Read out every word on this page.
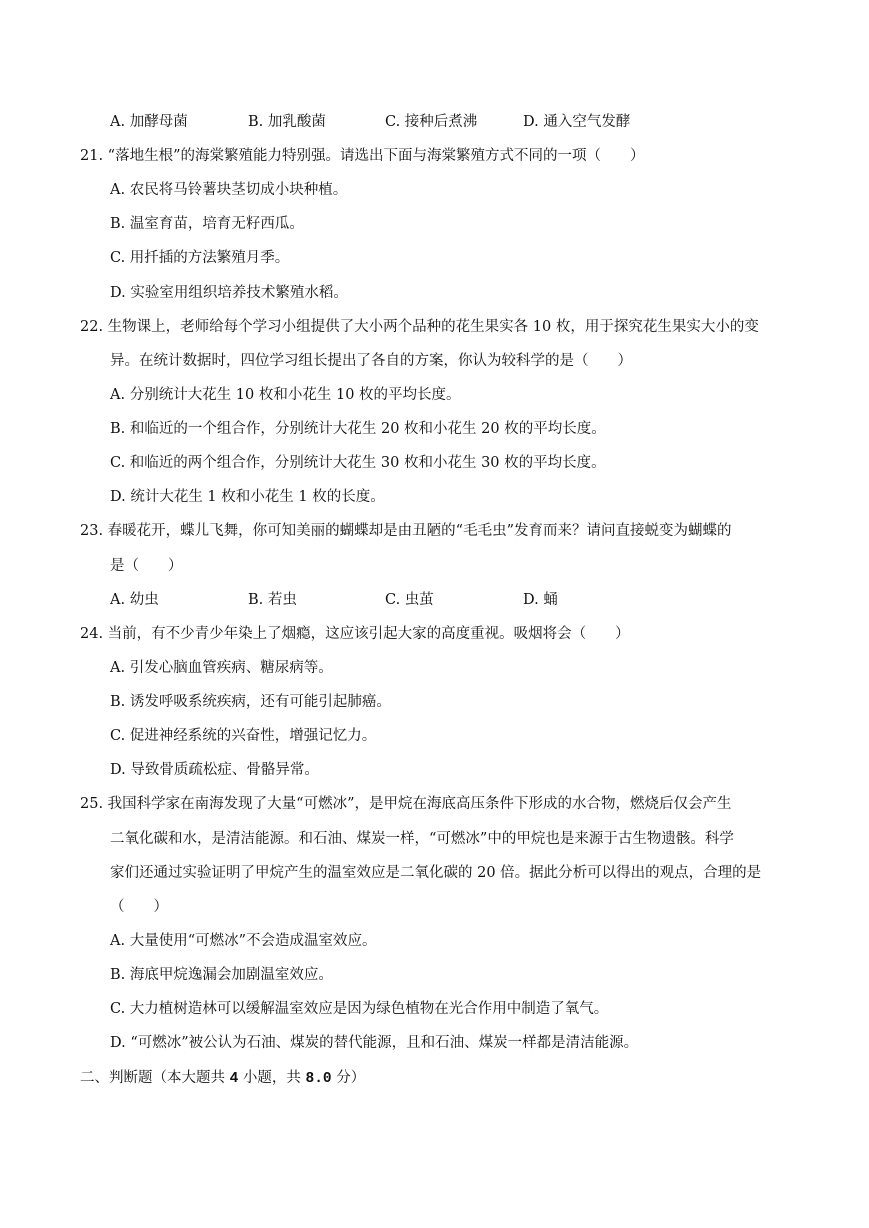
A. 加酵母菌	B. 加乳酸菌	C. 接种后煮沸	D. 通入空气发酵
21. “落地生根”的海棠繁殖能力特别强。请选出下面与海棠繁殖方式不同的一项（　　）
A. 农民将马铃薯块茎切成小块种植。
B. 温室育苗，培育无籽西瓜。
C. 用扦插的方法繁殖月季。
D. 实验室用组织培养技术繁殖水稻。
22. 生物课上，老师给每个学习小组提供了大小两个品种的花生果实各 10 枚，用于探究花生果实大小的变
异。在统计数据时，四位学习组长提出了各自的方案，你认为较科学的是（　　）
A. 分别统计大花生 10 枚和小花生 10 枚的平均长度。
B. 和临近的一个组合作，分别统计大花生 20 枚和小花生 20 枚的平均长度。
C. 和临近的两个组合作，分别统计大花生 30 枚和小花生 30 枚的平均长度。
D. 统计大花生 1 枚和小花生 1 枚的长度。
23. 春暖花开，蝶儿飞舞，你可知美丽的蝴蝶却是由丑陋的“毛毛虫”发育而来？请问直接蜕变为蝴蝶的
是（　　）
A. 幼虫	B. 若虫	C. 虫茧	D. 蛹
24. 当前，有不少青少年染上了烟瘾，这应该引起大家的高度重视。吸烟将会（　　）
A. 引发心脑血管疾病、糖尿病等。
B. 诱发呼吸系统疾病，还有可能引起肺癌。
C. 促进神经系统的兴奋性，增强记忆力。
D. 导致骨质疏松症、骨骼异常。
25. 我国科学家在南海发现了大量“可燃冰”，是甲烷在海底高压条件下形成的水合物，燃烧后仅会产生
二氧化碳和水，是清洁能源。和石油、煤炭一样，“可燃冰”中的甲烷也是来源于古生物遗骸。科学
家们还通过实验证明了甲烷产生的温室效应是二氧化碳的 20 倍。据此分析可以得出的观点，合理的是
（　　）
A. 大量使用“可燃冰”不会造成温室效应。
B. 海底甲烷逸漏会加剧温室效应。
C. 大力植树造林可以缓解温室效应是因为绿色植物在光合作用中制造了氧气。
D. “可燃冰”被公认为石油、煤炭的替代能源，且和石油、煤炭一样都是清洁能源。
二、判断题（本大题共 4 小题，共 8.0 分）
